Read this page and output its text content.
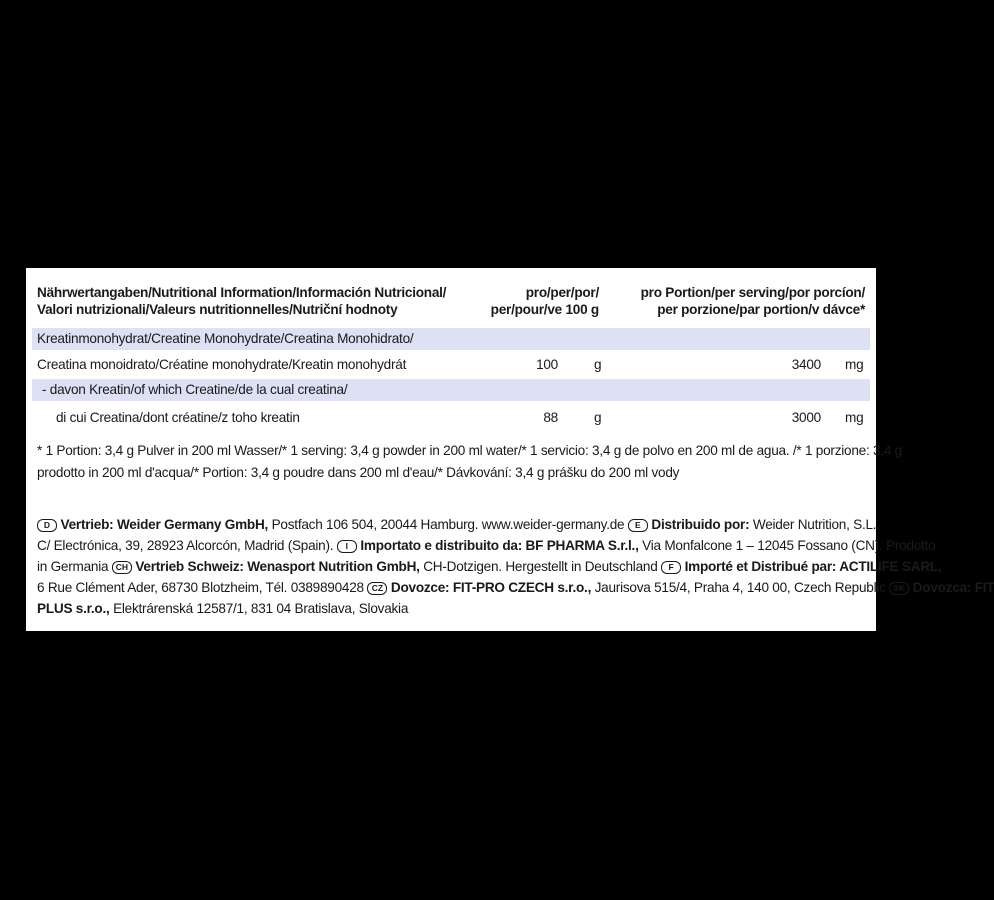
Nährwertangaben/Nutritional Information/Información Nutricional/
Valori nutrizionali/Valeurs nutritionnelles/Nutriční hodnoty
pro/per/por/
per/pour/ve 100 g
pro Portion/per serving/por porcíon/
per porzione/par portion/v dávce*
Kreatinmonohydrat/Creatine Monohydrate/Creatina Monohidrato/
Creatina monoidrato/Créatine monohydrate/Kreatin monohydrát	100	g	3400 mg
- davon Kreatin/of which Creatine/de la cual creatina/
di cui Creatina/dont créatine/z toho kreatin	88	g	3000 mg

* 1 Portion: 3,4 g Pulver in 200 ml Wasser/* 1 serving: 3,4 g powder in 200 ml water/* 1 servicio: 3,4 g de polvo en 200 ml de agua. /* 1 porzione: 3,4 g

prodotto in 200 ml d'acqua/* Portion: 3,4 g poudre dans 200 ml d'eau/* Dávkování: 3,4 g prášku do 200 ml vody

D Vertrieb: Weider Germany GmbH, Postfach 106 504, 20044 Hamburg. www.weider-germany.de E Distribuido por: Weider Nutrition, S.L.,

C/ Electrónica, 39, 28923 Alcorcón, Madrid (Spain). I Importato e distribuito da: BF PHARMA S.r.l., Via Monfalcone 1 – 12045 Fossano (CN). Prodotto

in Germania CH Vertrieb Schweiz: Wenasport Nutrition GmbH, CH-Dotzigen. Hergestellt in Deutschland F Importé et Distribué par: ACTILIFE SARL,

6 Rue Clément Ader, 68730 Blotzheim, Tél. 0389890428 CZ Dovozce: FIT-PRO CZECH s.r.o., Jaurisova 515/4, Praha 4, 140 00, Czech Republic SK Dovozca: FIT

PLUS s.r.o., Elektrárenská 12587/1, 831 04 Bratislava, Slovakia
